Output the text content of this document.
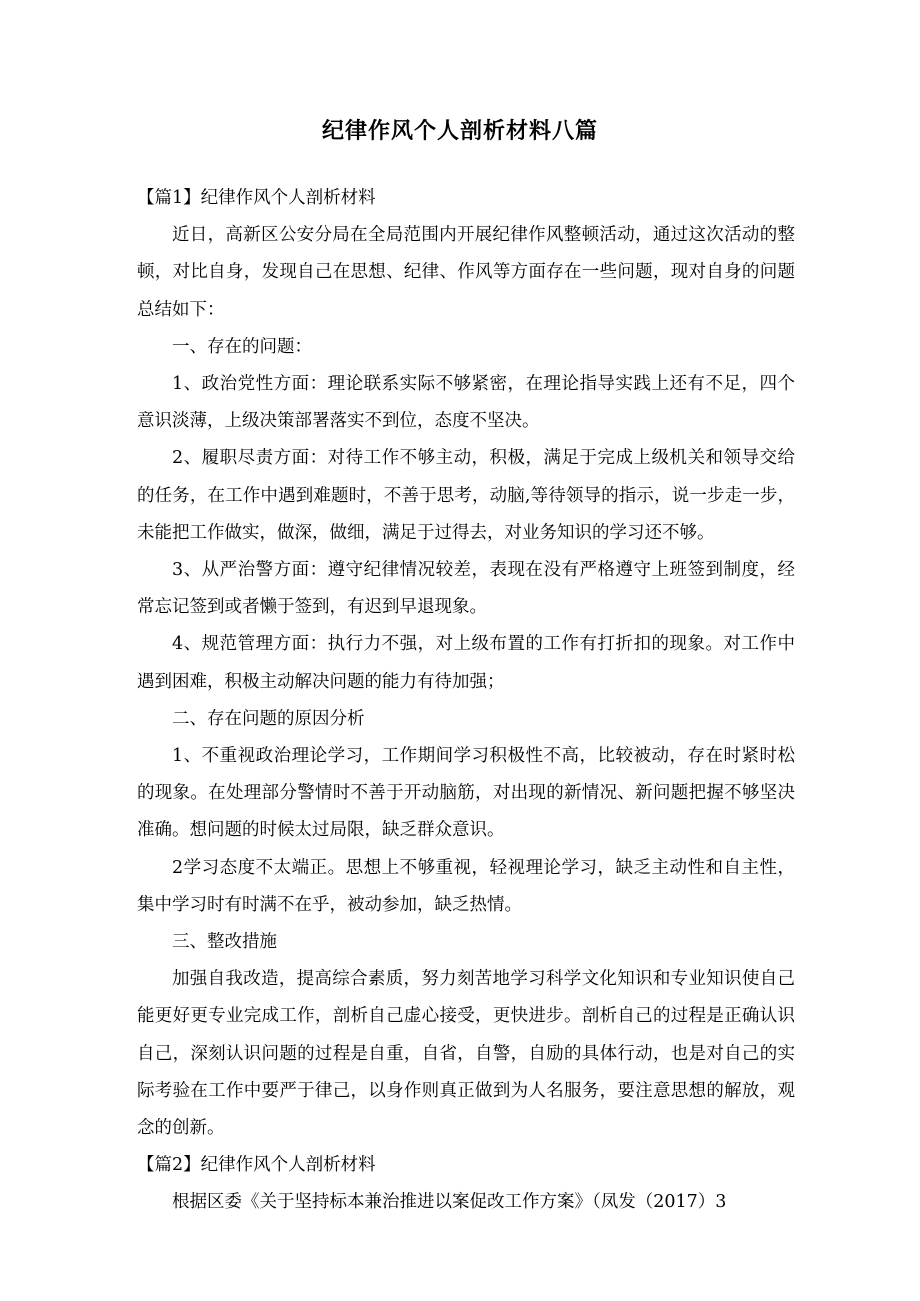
纪律作风个人剖析材料八篇

【篇1】纪律作风个人剖析材料

近日，高新区公安分局在全局范围内开展纪律作风整顿活动，通过这次活动的整顿，对比自身，发现自己在思想、纪律、作风等方面存在一些问题，现对自身的问题总结如下：

一、存在的问题：

1、政治党性方面：理论联系实际不够紧密，在理论指导实践上还有不足，四个意识淡薄，上级决策部署落实不到位，态度不坚决。

2、履职尽责方面：对待工作不够主动，积极，满足于完成上级机关和领导交给的任务，在工作中遇到难题时，不善于思考，动脑,等待领导的指示，说一步走一步，未能把工作做实，做深，做细，满足于过得去，对业务知识的学习还不够。

3、从严治警方面：遵守纪律情况较差，表现在没有严格遵守上班签到制度，经常忘记签到或者懒于签到，有迟到早退现象。

4、规范管理方面：执行力不强，对上级布置的工作有打折扣的现象。对工作中遇到困难，积极主动解决问题的能力有待加强；

二、存在问题的原因分析

1、不重视政治理论学习，工作期间学习积极性不高，比较被动，存在时紧时松的现象。在处理部分警情时不善于开动脑筋，对出现的新情况、新问题把握不够坚决准确。想问题的时候太过局限，缺乏群众意识。

2学习态度不太端正。思想上不够重视，轻视理论学习，缺乏主动性和自主性，集中学习时有时满不在乎，被动参加，缺乏热情。

三、整改措施

加强自我改造，提高综合素质，努力刻苦地学习科学文化知识和专业知识使自己能更好更专业完成工作，剖析自己虚心接受，更快进步。剖析自己的过程是正确认识自己，深刻认识问题的过程是自重，自省，自警，自励的具体行动，也是对自己的实际考验在工作中要严于律己，以身作则真正做到为人名服务，要注意思想的解放，观念的创新。

【篇2】纪律作风个人剖析材料

根据区委《关于坚持标本兼治推进以案促改工作方案》（凤发（2017）3
